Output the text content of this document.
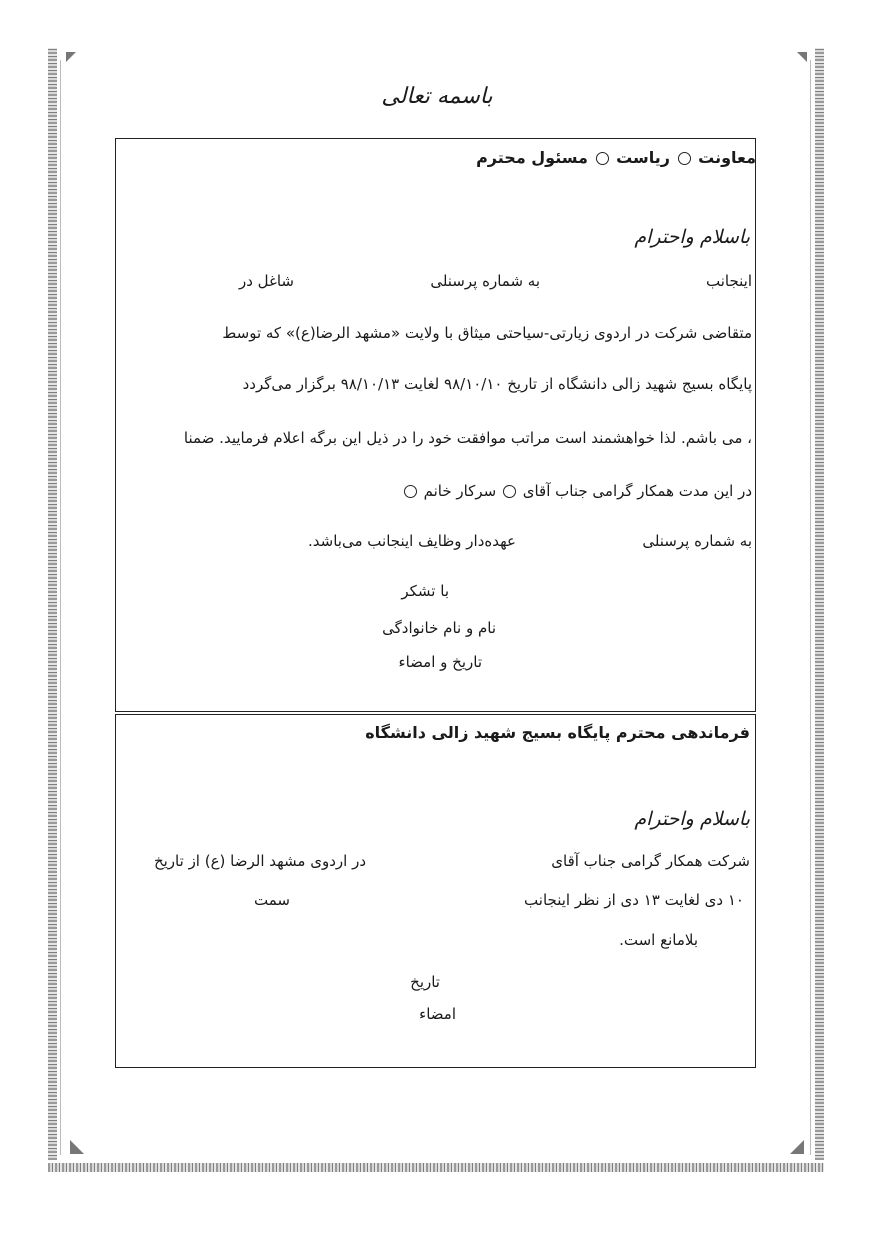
باسمه تعالی
معاونت  ریاست  مسئول محترم
باسلام واحترام
اینجانب
به شماره پرسنلی
شاغل در
متقاضی شرکت در اردوی زیارتی-سیاحتی میثاق با ولایت «مشهد الرضا(ع)» که توسط
پایگاه بسیج شهید زالی دانشگاه از تاریخ ۹۸/۱۰/۱۰ لغایت ۹۸/۱۰/۱۳ برگزار می‌گردد
، می باشم. لذا خواهشمند است مراتب موافقت خود را در ذیل این برگه اعلام فرمایید. ضمنا
در این مدت همکار گرامی جناب آقای  سرکار خانم
به شماره پرسنلی
عهده‌دار وظایف اینجانب می‌باشد.
با تشکر
نام و نام خانوادگی
تاریخ و امضاء
فرماندهی محترم پایگاه بسیج شهید زالی دانشگاه
باسلام واحترام
شرکت همکار گرامی جناب آقای
در اردوی مشهد الرضا (ع) از تاریخ
۱۰ دی لغایت ۱۳ دی از نظر اینجانب
سمت
بلامانع است.
تاریخ
امضاء
